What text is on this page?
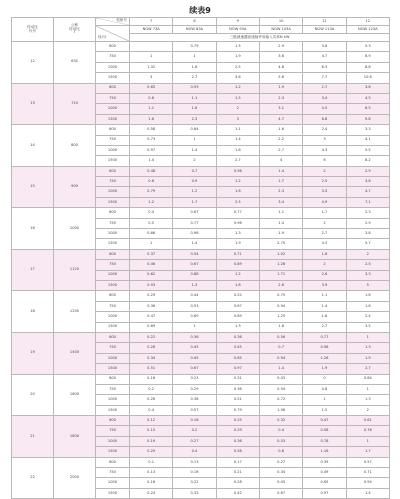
续表9
传动比
代号	公称
传动比
i	机座号	7	8	9	10	11	12

		转/分	NGW 73A	NGW 83A	NGW 93A	NGW 103A	NGW 113A	NGW 123A
			三级减速器高速轴许用输入功率N kW					
12	630	600		0.79	1.5	2.9	3.8	5.3
		750	1	1	1.9	3.6	4.7	6.9
		1000	1.32	1.8	2.5	4.8	6.3	8.8
		1500	3	2.7	3.6	5.6	7.7	10.6
13	710	600	0.65	0.93	1.2	1.9	2.7	3.6
		750	0.8	1.1	1.5	2.3	3.4	4.5
		1000	1.1	1.6	2	3.1	4.5	6.5
		1500	1.6	2.3	3	4.7	6.8	9.8
14	800	600	0.58	0.84	1.1	1.6	2.4	3.3
		750	0.73	1	1.4	2.2	3	4.1
		1000	0.97	1.4	1.8	2.7	4.3	5.5
		1500	1.4	2	2.7	4	6	8.2
15	900	600	0.48	0.7	0.96	1.4	2	2.9
		750	0.6	0.9	1.2	1.7	2.5	3.6
		1000	0.79	1.2	1.6	2.3	3.3	4.7
		1500	1.2	1.7	2.5	3.4	4.9	7.1
16	1000	600	0.4	0.67	0.77	1.1	1.7	2.3
		750	0.5	0.77	0.96	1.4	2	2.9
		1000	0.66	0.96	1.3	1.9	2.7	3.8
		1500	1	1.4	1.9	2.75	4.3	5.7
17	1120	600	0.37	0.54	0.71	1.02	1.6	2
		750	0.46	0.67	0.89	1.28	2	2.5
		1000	0.62	0.88	1.2	1.71	2.6	3.3
		1500	0.93	1.3	1.8	2.6	3.9	5
18	1250	600	0.29	0.44	0.52	0.75	1.1	1.6
		750	0.36	0.53	0.67	0.94	1.4	1.8
		1000	0.47	0.69	0.89	1.25	1.8	2.4
		1500	0.69	1	1.3	1.8	2.7	3.5
19	1400	600	0.22	0.36	0.36	0.56	0.77	1
		750	0.28	0.45	0.45	0.7	0.96	1.3
		1000	0.34	0.45	0.65	0.94	1.26	1.9
		1500	0.51	0.67	0.97	1.4	1.9	2.7
20	1600	600	0.16	0.23	0.31	0.43	0	0.84
		750	0.2	0.29	0.36	0.54	0.8	1
		1000	0.26	0.38	0.51	0.72	1	1.3
		1500	0.4	0.57	0.79	1.08	1.5	2
21	1800	600	0.12	0.16	0.25	0.32	0.47	0.61
		750	0.15	0.2	0.29	0.4	0.58	0.76
		1000	0.19	0.27	0.36	0.53	0.78	1
		1500	0.29	0.4	0.58	0.8	1.16	1.7
22	2000	600	0.1	0.13	0.17	0.27	0.39	0.57
		750	0.13	0.16	0.21	0.34	0.49	0.71
		1000	0.16	0.22	0.28	0.45	0.65	0.94
		1500	0.24	0.33	0.42	0.67	0.97	1.4
